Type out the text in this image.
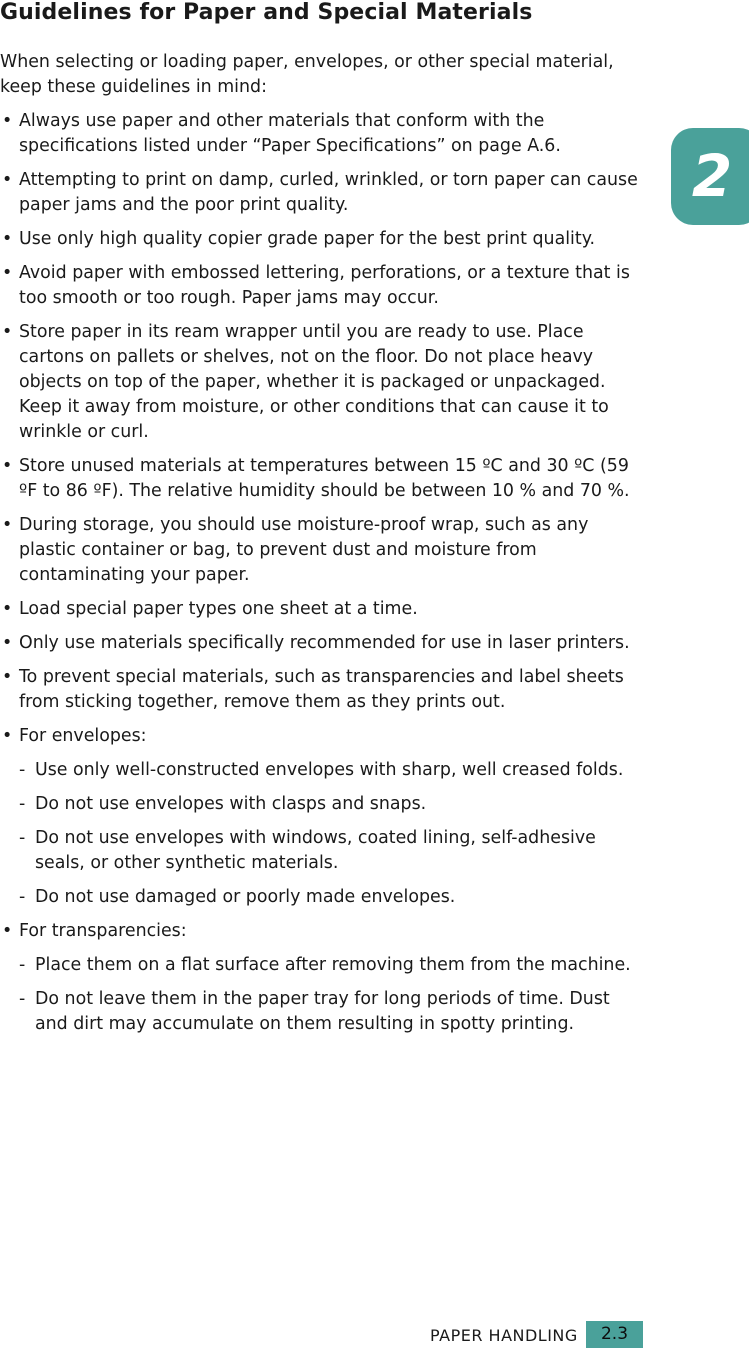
Guidelines for Paper and Special Materials

When selecting or loading paper, envelopes, or other special material, keep these guidelines in mind:

• Always use paper and other materials that conform with the specifications listed under “Paper Specifications” on page A.6.
• Attempting to print on damp, curled, wrinkled, or torn paper can cause paper jams and the poor print quality.
• Use only high quality copier grade paper for the best print quality.
• Avoid paper with embossed lettering, perforations, or a texture that is too smooth or too rough. Paper jams may occur.
• Store paper in its ream wrapper until you are ready to use. Place cartons on pallets or shelves, not on the floor. Do not place heavy objects on top of the paper, whether it is packaged or unpackaged. Keep it away from moisture, or other conditions that can cause it to wrinkle or curl.
• Store unused materials at temperatures between 15 ºC and 30 ºC (59 ºF to 86 ºF). The relative humidity should be between 10 % and 70 %.
• During storage, you should use moisture-proof wrap, such as any plastic container or bag, to prevent dust and moisture from contaminating your paper.
• Load special paper types one sheet at a time.
• Only use materials specifically recommended for use in laser printers.
• To prevent special materials, such as transparencies and label sheets from sticking together, remove them as they prints out.
• For envelopes:
- Use only well-constructed envelopes with sharp, well creased folds.
- Do not use envelopes with clasps and snaps.
- Do not use envelopes with windows, coated lining, self-adhesive seals, or other synthetic materials.
- Do not use damaged or poorly made envelopes.
• For transparencies:
- Place them on a flat surface after removing them from the machine.
- Do not leave them in the paper tray for long periods of time. Dust and dirt may accumulate on them resulting in spotty printing.
2
PAPER HANDLING	2.3
